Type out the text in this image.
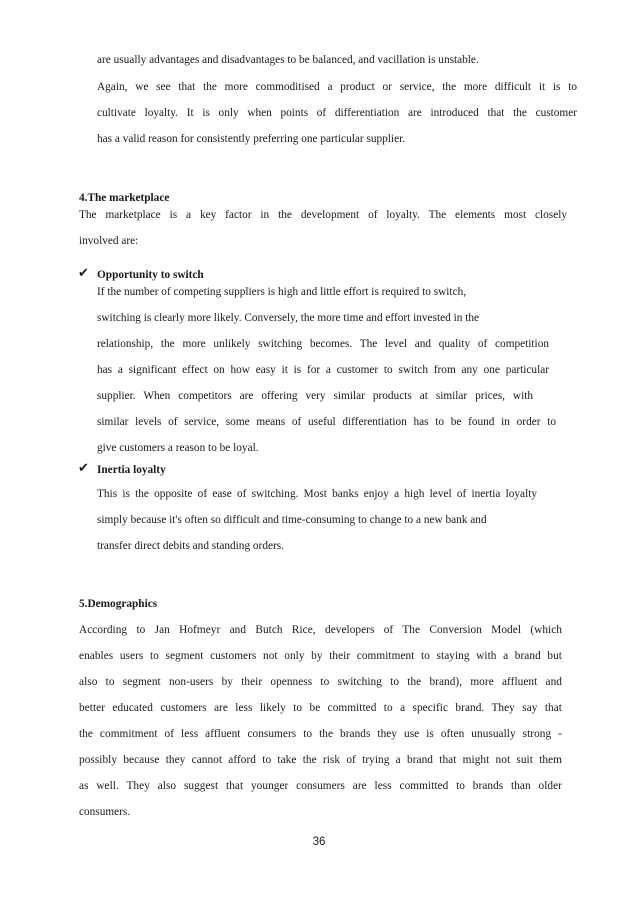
are usually advantages and disadvantages to be balanced, and vacillation is unstable.
Again, we see that the more commoditised a product or service, the more difficult it is to
cultivate loyalty. It is only when points of differentiation are introduced that the customer
has a valid reason for consistently preferring one particular supplier.
4.The marketplace
The marketplace is a key factor in the development of loyalty. The elements most closely
involved are:
✔ Opportunity to switch
If the number of competing suppliers is high and little effort is required to switch,
switching is clearly more likely. Conversely, the more time and effort invested in the
relationship, the more unlikely switching becomes. The level and quality of competition
has a significant effect on how easy it is for a customer to switch from any one particular
supplier. When competitors are offering very similar products at similar prices, with
similar levels of service, some means of useful differentiation has to be found in order to
give customers a reason to be loyal.
✔ Inertia loyalty
This is the opposite of ease of switching. Most banks enjoy a high level of inertia loyalty
simply because it's often so difficult and time-consuming to change to a new bank and
transfer direct debits and standing orders.
5.Demographics
According to Jan Hofmeyr and Butch Rice, developers of The Conversion Model (which
enables users to segment customers not only by their commitment to staying with a brand but
also to segment non-users by their openness to switching to the brand), more affluent and
better educated customers are less likely to be committed to a specific brand. They say that
the commitment of less affluent consumers to the brands they use is often unusually strong -
possibly because they cannot afford to take the risk of trying a brand that might not suit them
as well. They also suggest that younger consumers are less committed to brands than older
consumers.
36
